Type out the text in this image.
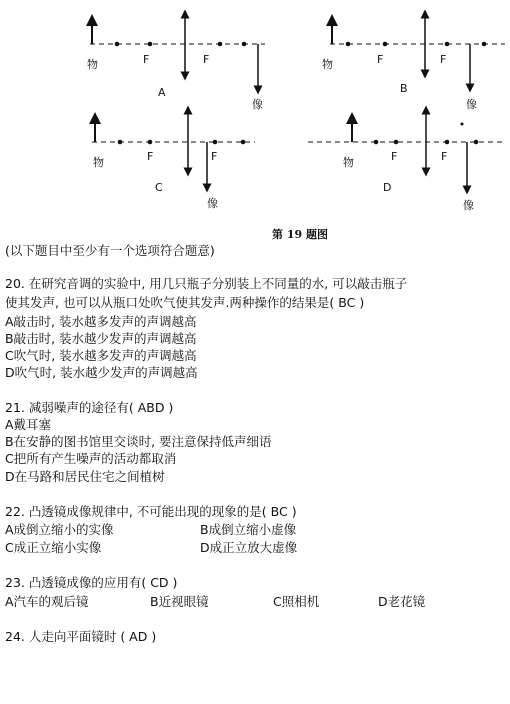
物	F	F
A
像
物	F	F
B
像
物	F	F
C
像
物	F	F
D
像
第 19 题图
(以下题目中至少有一个选项符合题意)
20. 在研究音调的实验中, 用几只瓶子分别装上不同量的水, 可以敲击瓶子
使其发声, 也可以从瓶口处吹气使其发声.两种操作的结果是( BC )
A敲击时, 装水越多发声的声调越高
B敲击时, 装水越少发声的声调越高
C吹气时, 装水越多发声的声调越高
D吹气时, 装水越少发声的声调越高
21. 减弱噪声的途径有( ABD )
A戴耳塞
B在安静的图书馆里交谈时, 要注意保持低声细语
C把所有产生噪声的活动都取消
D在马路和居民住宅之间植树
22. 凸透镜成像规律中, 不可能出现的现象的是( BC )
A成倒立缩小的实像	B成倒立缩小虚像
C成正立缩小实像	D成正立放大虚像
23. 凸透镜成像的应用有( CD )
A汽车的观后镜	B近视眼镜	C照相机	D老花镜
24. 人走向平面镜时 ( AD )
